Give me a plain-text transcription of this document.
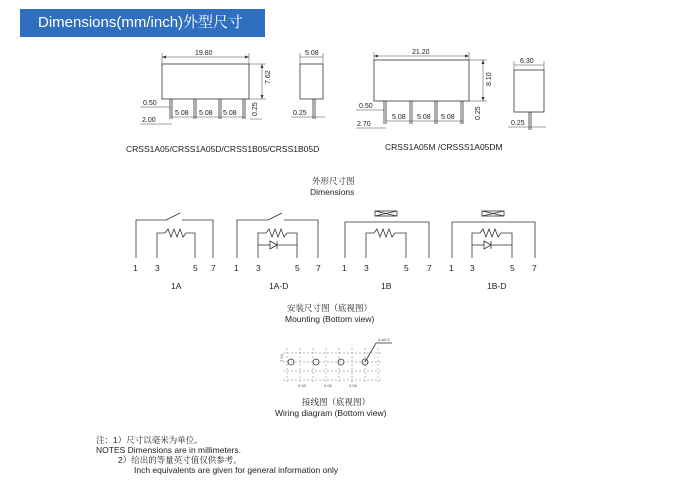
Dimensions(mm/inch)外型尺寸
19.80
7.62
0.50
5.08 5.08 5.08
2.00
0.25
5.08
0.25
CRSS1A05/CRSS1A05D/CRSS1B05/CRSS1B05D
21.20
8.10
0.50
5.08 5.08 5.08
2.70
0.25
6.30
0.25
CRSS1A05M /CRSSS1A05DM
外形尺寸图
Dimensions
1 3	5 7
1A
1 3	5 7
1A-D
1 3	5 7
1B
1 3	5 7
1B-D
安装尺寸图（底视图）
Mounting (Bottom view)
4-ø0.8
2.54
5.08	5.08	5.08
接线图（底视图）
Wiring diagram (Bottom view)
注：1）尺寸以毫米为单位。
NOTES Dimensions are in millimeters.
2）给出的等量英寸值仅供参考。
Inch equivalents are given for general information only
